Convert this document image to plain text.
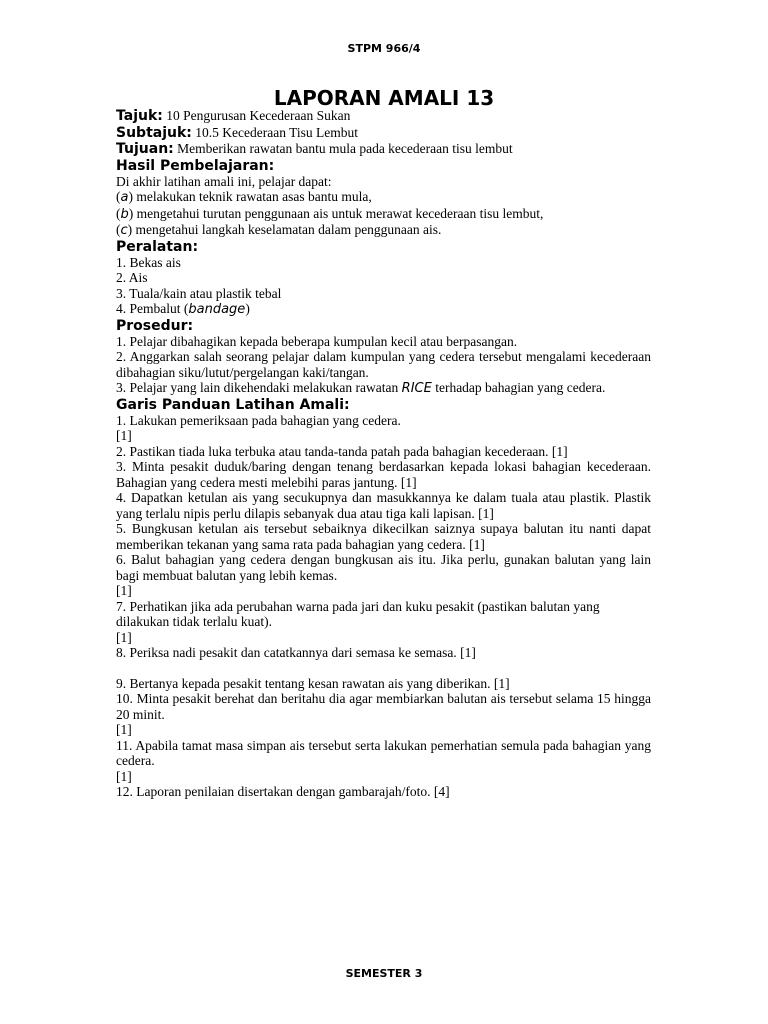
STPM 966/4
LAPORAN AMALI 13

Tajuk: 10 Pengurusan Kecederaan Sukan

Subtajuk: 10.5 Kecederaan Tisu Lembut

Tujuan: Memberikan rawatan bantu mula pada kecederaan tisu lembut

Hasil Pembelajaran:

Di akhir latihan amali ini, pelajar dapat:

(a) melakukan teknik rawatan asas bantu mula,

(b) mengetahui turutan penggunaan ais untuk merawat kecederaan tisu lembut,

(c) mengetahui langkah keselamatan dalam penggunaan ais.

Peralatan:

1. Bekas ais

2. Ais

3. Tuala/kain atau plastik tebal

4. Pembalut (bandage)

Prosedur:

1. Pelajar dibahagikan kepada beberapa kumpulan kecil atau berpasangan.

2. Anggarkan salah seorang pelajar dalam kumpulan yang cedera tersebut mengalami kecederaan

dibahagian siku/lutut/pergelangan kaki/tangan.

3. Pelajar yang lain dikehendaki melakukan rawatan RICE terhadap bahagian yang cedera.

Garis Panduan Latihan Amali:

1. Lakukan pemeriksaan pada bahagian yang cedera.

[1]

2. Pastikan tiada luka terbuka atau tanda-tanda patah pada bahagian kecederaan. [1]

3. Minta pesakit duduk/baring dengan tenang berdasarkan kepada lokasi bahagian kecederaan.

Bahagian yang cedera mesti melebihi paras jantung. [1]

4. Dapatkan ketulan ais yang secukupnya dan masukkannya ke dalam tuala atau plastik. Plastik

yang terlalu nipis perlu dilapis sebanyak dua atau tiga kali lapisan. [1]

5. Bungkusan ketulan ais tersebut sebaiknya dikecilkan saiznya supaya balutan itu nanti dapat

memberikan tekanan yang sama rata pada bahagian yang cedera. [1]

6. Balut bahagian yang cedera dengan bungkusan ais itu. Jika perlu, gunakan balutan yang lain

bagi membuat balutan yang lebih kemas.

[1]

7. Perhatikan jika ada perubahan warna pada jari dan kuku pesakit (pastikan balutan yang

dilakukan tidak terlalu kuat).

[1]

8. Periksa nadi pesakit dan catatkannya dari semasa ke semasa. [1]

9. Bertanya kepada pesakit tentang kesan rawatan ais yang diberikan. [1]

10. Minta pesakit berehat dan beritahu dia agar membiarkan balutan ais tersebut selama 15 hingga

20 minit.

[1]

11. Apabila tamat masa simpan ais tersebut serta lakukan pemerhatian semula pada bahagian yang

cedera.

[1]

12. Laporan penilaian disertakan dengan gambarajah/foto. [4]

SEMESTER 3
